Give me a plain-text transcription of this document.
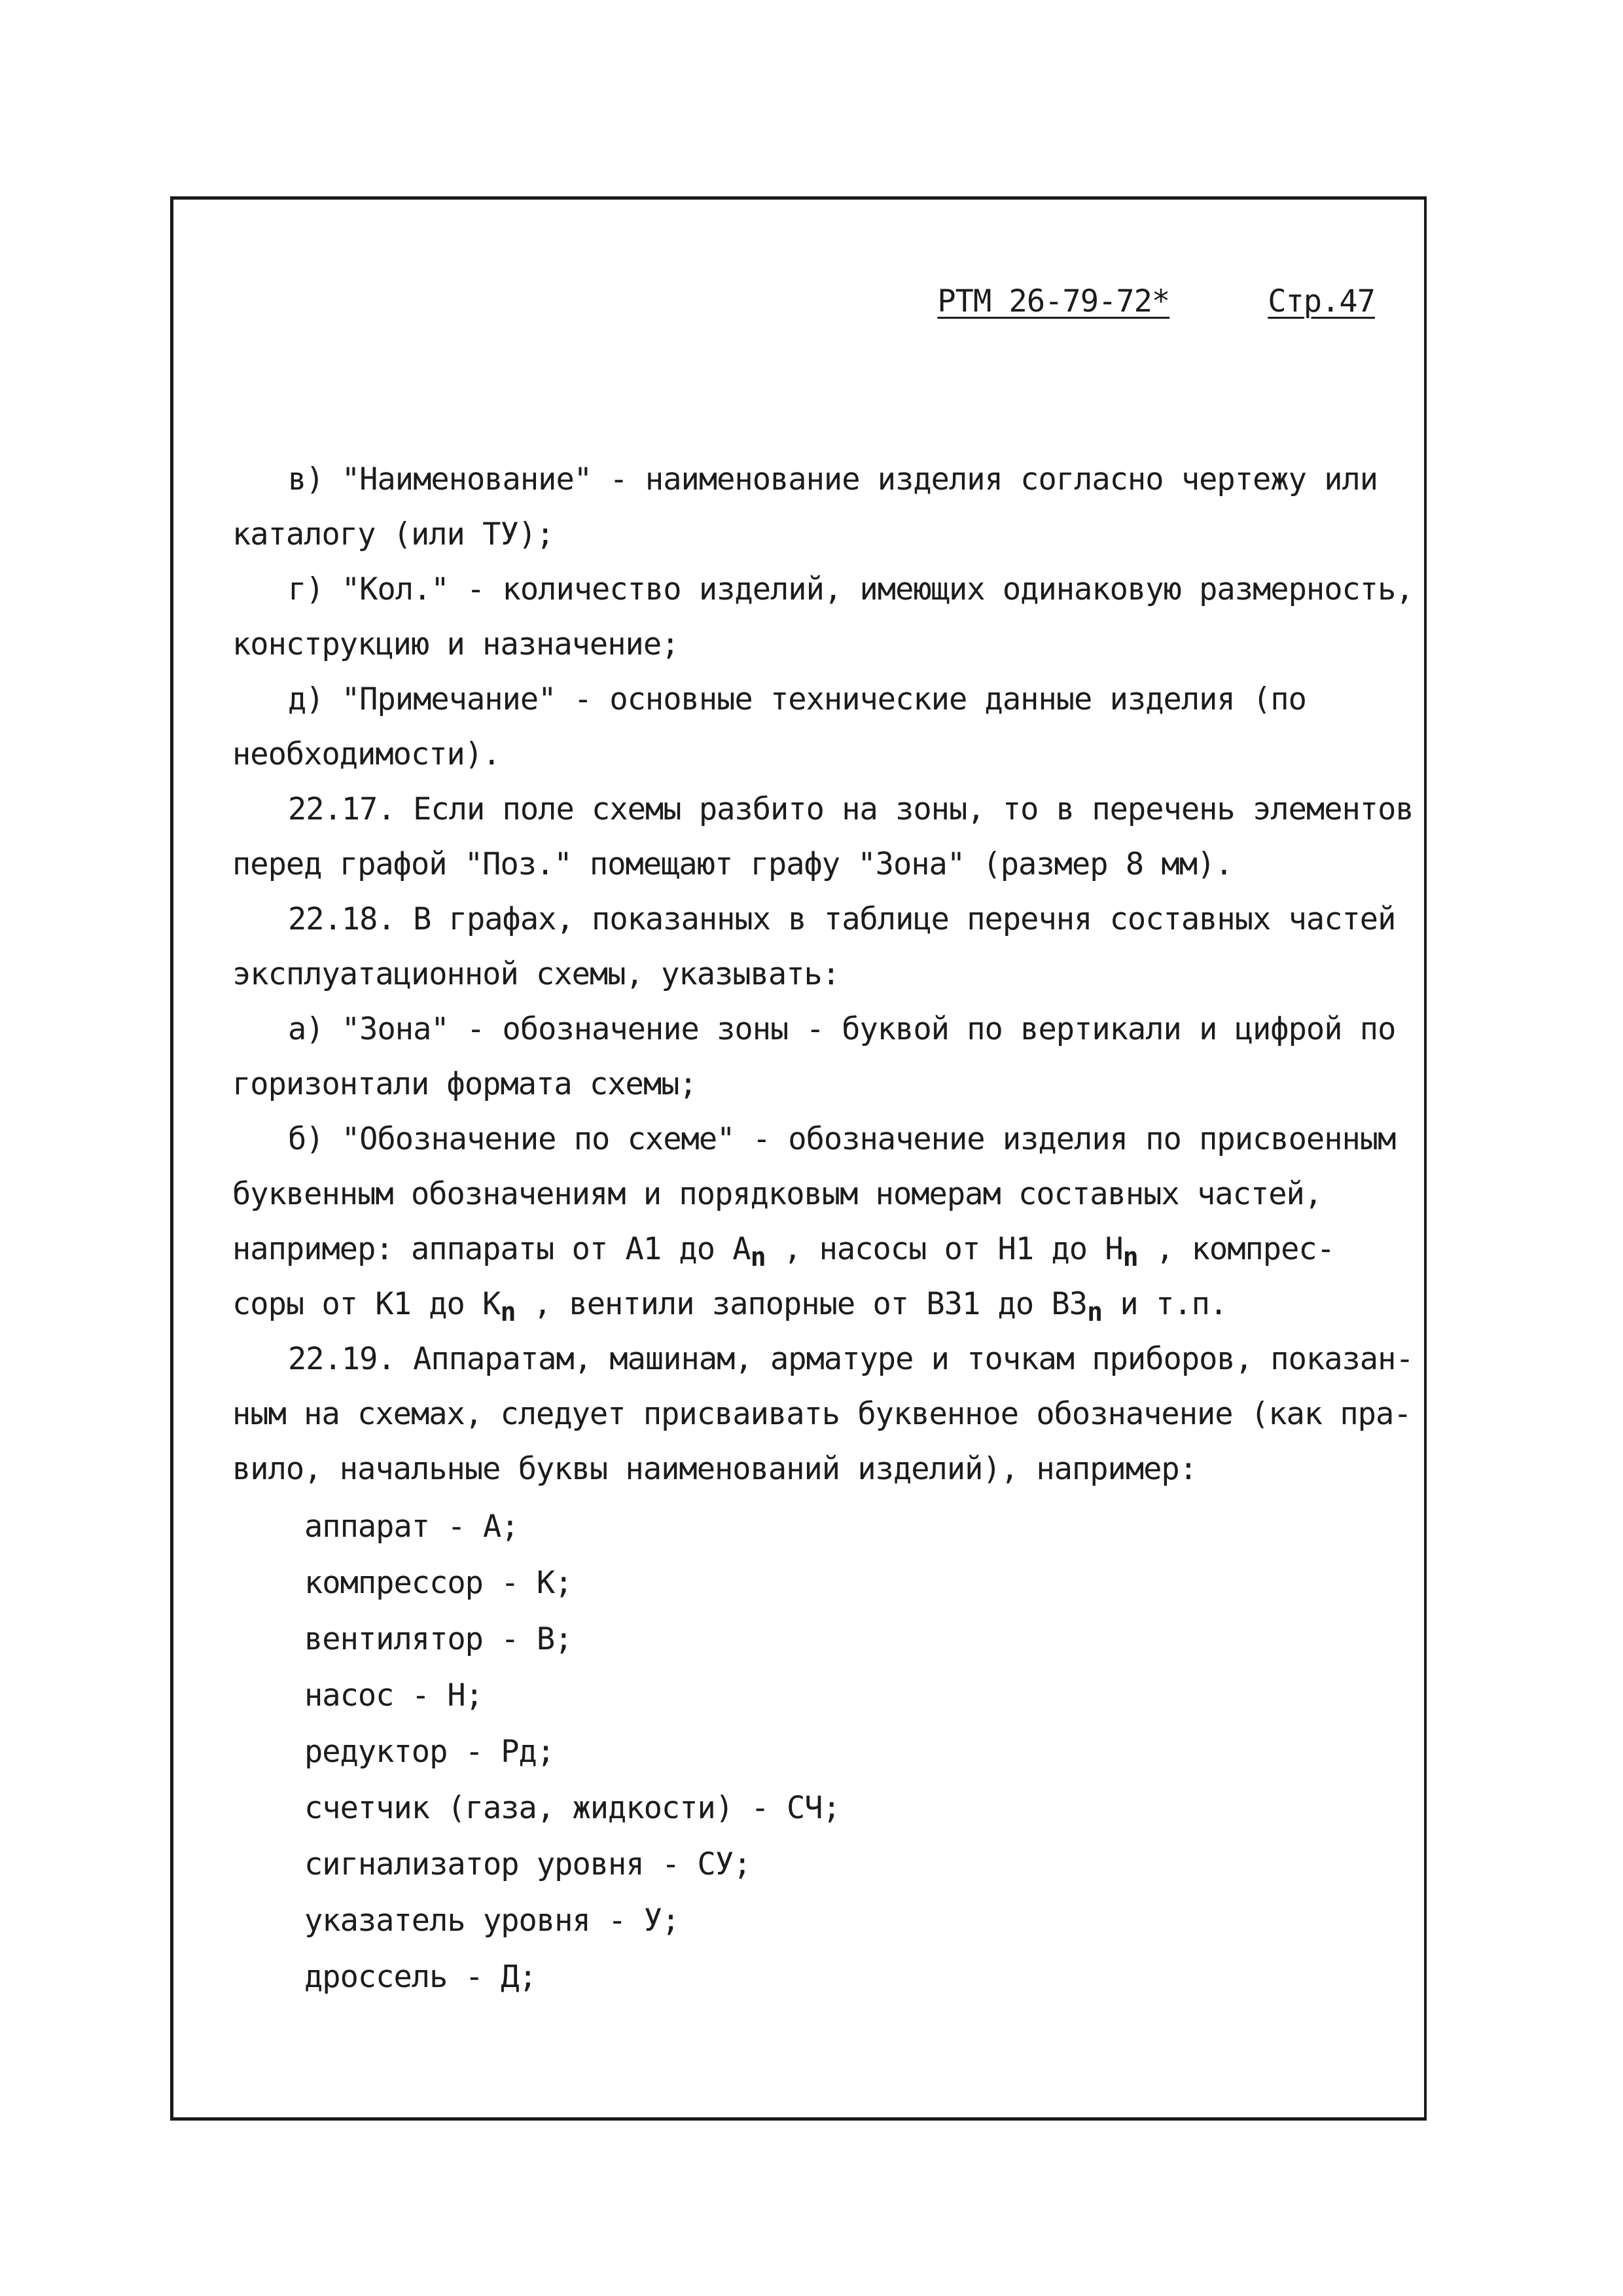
РТМ 26-79-72*	Стр.47
в) "Наименование" - наименование изделия согласно чертежу или
каталогу (или ТУ);
г) "Кол." - количество изделий, имеющих одинаковую размерность,
конструкцию и назначение;
д) "Примечание" - основные технические данные изделия (по
необходимости).
22.17. Если поле схемы разбито на зоны, то в перечень элементов
перед графой "Поз." помещают графу "Зона" (размер 8 мм).
22.18. В графах, показанных в таблице перечня составных частей
эксплуатационной схемы, указывать:
а) "Зона" - обозначение зоны - буквой по вертикали и цифрой по
горизонтали формата схемы;
б) "Обозначение по схеме" - обозначение изделия по присвоенным
буквенным обозначениям и порядковым номерам составных частей,
например: аппараты от А1 до Аn , насосы от Н1 до Нn , компрес-
соры от К1 до Кn , вентили запорные от ВЗ1 до ВЗn и т.п.
22.19. Аппаратам, машинам, арматуре и точкам приборов, показан-
ным на схемах, следует присваивать буквенное обозначение (как пра-
вило, начальные буквы наименований изделий), например:
аппарат - А;
компрессор - К;
вентилятор - В;
насос - Н;
редуктор - Рд;
счетчик (газа, жидкости) - СЧ;
сигнализатор уровня - СУ;
указатель уровня - У;
дроссель - Д;
